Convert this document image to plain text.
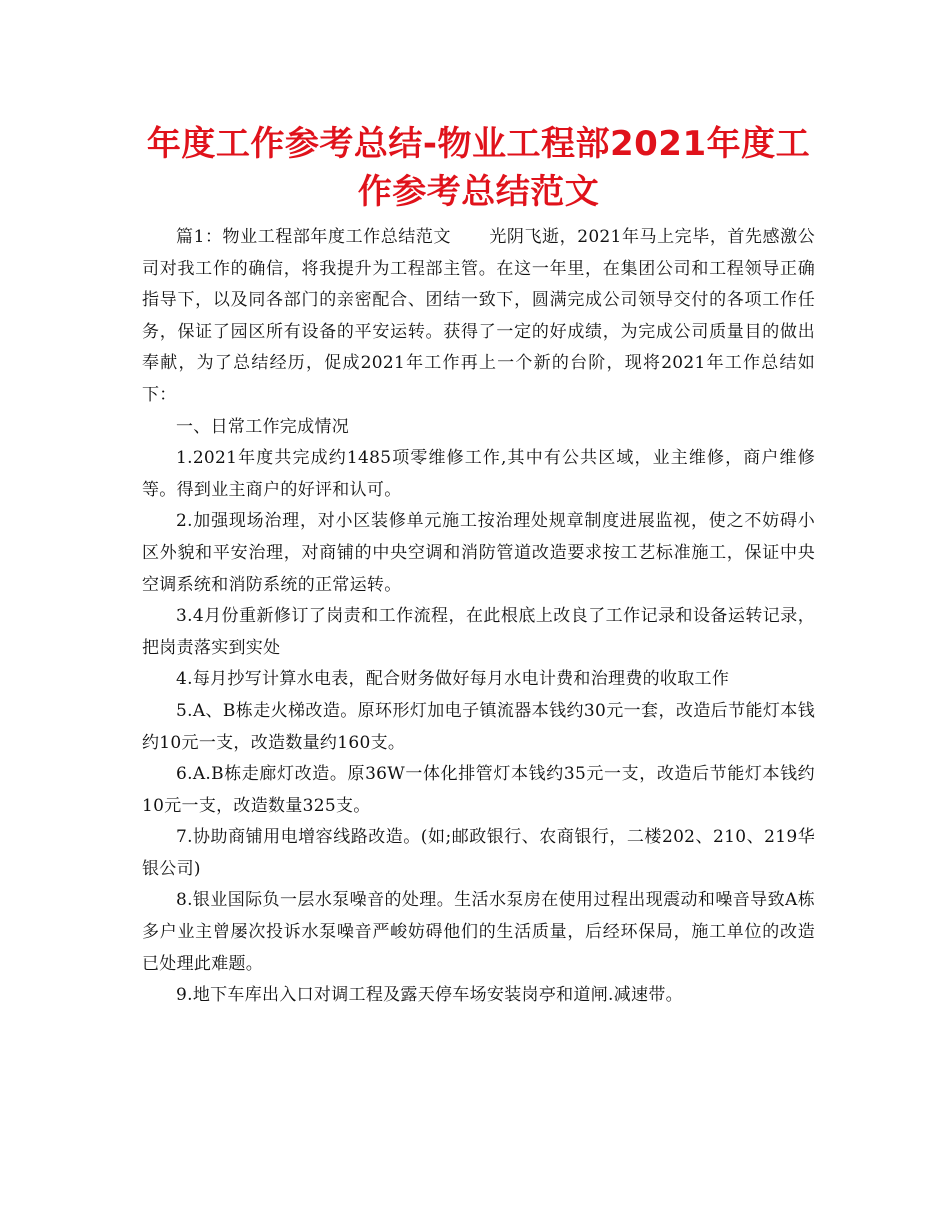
年度工作参考总结-物业工程部2021年度工作参考总结范文

篇1：物业工程部年度工作总结范文 光阴飞逝，2021年马上完毕，首先感激公司对我工作的确信，将我提升为工程部主管。在这一年里，在集团公司和工程领导正确指导下，以及同各部门的亲密配合、团结一致下，圆满完成公司领导交付的各项工作任务，保证了园区所有设备的平安运转。获得了一定的好成绩，为完成公司质量目的做出奉献，为了总结经历，促成2021年工作再上一个新的台阶，现将2021年工作总结如下：

一、日常工作完成情况

1.2021年度共完成约1485项零维修工作,其中有公共区域，业主维修，商户维修等。得到业主商户的好评和认可。

2.加强现场治理，对小区装修单元施工按治理处规章制度进展监视，使之不妨碍小区外貌和平安治理，对商铺的中央空调和消防管道改造要求按工艺标准施工，保证中央空调系统和消防系统的正常运转。

3.4月份重新修订了岗责和工作流程，在此根底上改良了工作记录和设备运转记录，把岗责落实到实处

4.每月抄写计算水电表，配合财务做好每月水电计费和治理费的收取工作

5.A、B栋走火梯改造。原环形灯加电子镇流器本钱约30元一套，改造后节能灯本钱约10元一支，改造数量约160支。

6.A.B栋走廊灯改造。原36W一体化排管灯本钱约35元一支，改造后节能灯本钱约10元一支，改造数量325支。

7.协助商铺用电增容线路改造。(如;邮政银行、农商银行，二楼202、210、219华银公司)

8.银业国际负一层水泵噪音的处理。生活水泵房在使用过程出现震动和噪音导致A栋多户业主曾屡次投诉水泵噪音严峻妨碍他们的生活质量，后经环保局，施工单位的改造已处理此难题。

9.地下车库出入口对调工程及露天停车场安装岗亭和道闸.减速带。
